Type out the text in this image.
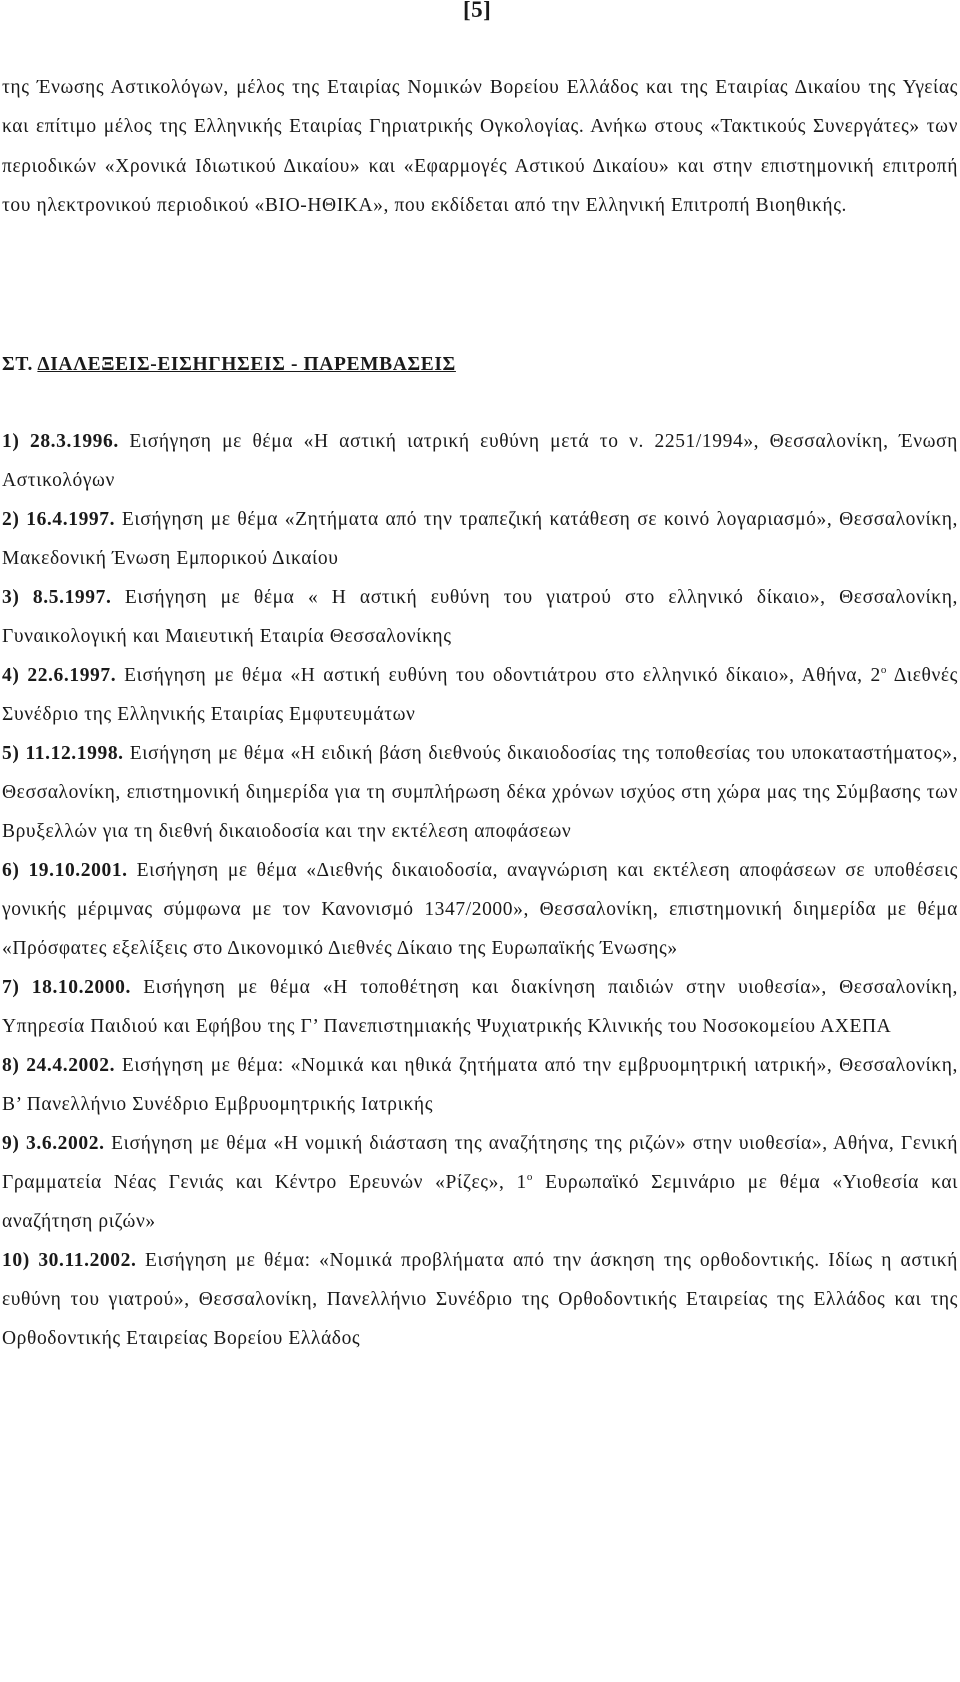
[5]

της Ένωσης Αστικολόγων, μέλος της Εταιρίας Νομικών Βορείου Ελλάδος και της Εταιρίας Δικαίου της Υγείας και επίτιμο μέλος της Ελληνικής Εταιρίας Γηριατρικής Ογκολογίας. Ανήκω στους «Τακτικούς Συνεργάτες» των περιοδικών «Χρονικά Ιδιωτικού Δικαίου» και «Εφαρμογές Αστικού Δικαίου» και στην επιστημονική επιτροπή του ηλεκτρονικού περιοδικού «ΒΙΟ-ΗΘΙΚΑ», που εκδίδεται από την Ελληνική Επιτροπή Βιοηθικής.

ΣΤ. ΔΙΑΛΕΞΕΙΣ-ΕΙΣΗΓΗΣΕΙΣ - ΠΑΡΕΜΒΑΣΕΙΣ
1) 28.3.1996. Εισήγηση με θέμα «Η αστική ιατρική ευθύνη μετά το ν. 2251/1994», Θεσσαλονίκη, Ένωση Αστικολόγων
2) 16.4.1997. Εισήγηση με θέμα «Ζητήματα από την τραπεζική κατάθεση σε κοινό λογαριασμό», Θεσσαλονίκη, Μακεδονική Ένωση Εμπορικού Δικαίου
3) 8.5.1997. Εισήγηση με θέμα « Η αστική ευθύνη του γιατρού στο ελληνικό δίκαιο», Θεσσαλονίκη, Γυναικολογική και Μαιευτική Εταιρία Θεσσαλονίκης
4) 22.6.1997. Εισήγηση με θέμα «Η αστική ευθύνη του οδοντιάτρου στο ελληνικό δίκαιο», Αθήνα, $2^o$ Διεθνές Συνέδριο της Ελληνικής Εταιρίας Εμφυτευμάτων
5) 11.12.1998. Εισήγηση με θέμα «Η ειδική βάση διεθνούς δικαιοδοσίας της τοποθεσίας του υποκαταστήματος», Θεσσαλονίκη, επιστημονική διημερίδα για τη συμπλήρωση δέκα χρόνων ισχύος στη χώρα μας της Σύμβασης των Βρυξελλών για τη διεθνή δικαιοδοσία και την εκτέλεση αποφάσεων
6) 19.10.2001. Εισήγηση με θέμα «Διεθνής δικαιοδοσία, αναγνώριση και εκτέλεση αποφάσεων σε υποθέσεις γονικής μέριμνας σύμφωνα με τον Κανονισμό 1347/2000», Θεσσαλονίκη, επιστημονική διημερίδα με θέμα «Πρόσφατες εξελίξεις στο Δικονομικό Διεθνές Δίκαιο της Ευρωπαϊκής Ένωσης»
7) 18.10.2000. Εισήγηση με θέμα «Η τοποθέτηση και διακίνηση παιδιών στην υιοθεσία», Θεσσαλονίκη, Υπηρεσία Παιδιού και Εφήβου της Γ’ Πανεπιστημιακής Ψυχιατρικής Κλινικής του Νοσοκομείου ΑΧΕΠΑ
8) 24.4.2002. Εισήγηση με θέμα: «Νομικά και ηθικά ζητήματα από την εμβρυομητρική ιατρική», Θεσσαλονίκη, Β’ Πανελλήνιο Συνέδριο Εμβρυομητρικής Ιατρικής
9) 3.6.2002. Εισήγηση με θέμα «Η νομική διάσταση της αναζήτησης της ριζών» στην υιοθεσία», Αθήνα, Γενική Γραμματεία Νέας Γενιάς και Κέντρο Ερευνών «Ρίζες», $1^o$ Ευρωπαϊκό Σεμινάριο με θέμα «Υιοθεσία και αναζήτηση ριζών»
10) 30.11.2002. Εισήγηση με θέμα: «Νομικά προβλήματα από την άσκηση της ορθοδοντικής. Ιδίως η αστική ευθύνη του γιατρού», Θεσσαλονίκη, Πανελλήνιο Συνέδριο της Ορθοδοντικής Εταιρείας της Ελλάδος και της Ορθοδοντικής Εταιρείας Βορείου Ελλάδος
